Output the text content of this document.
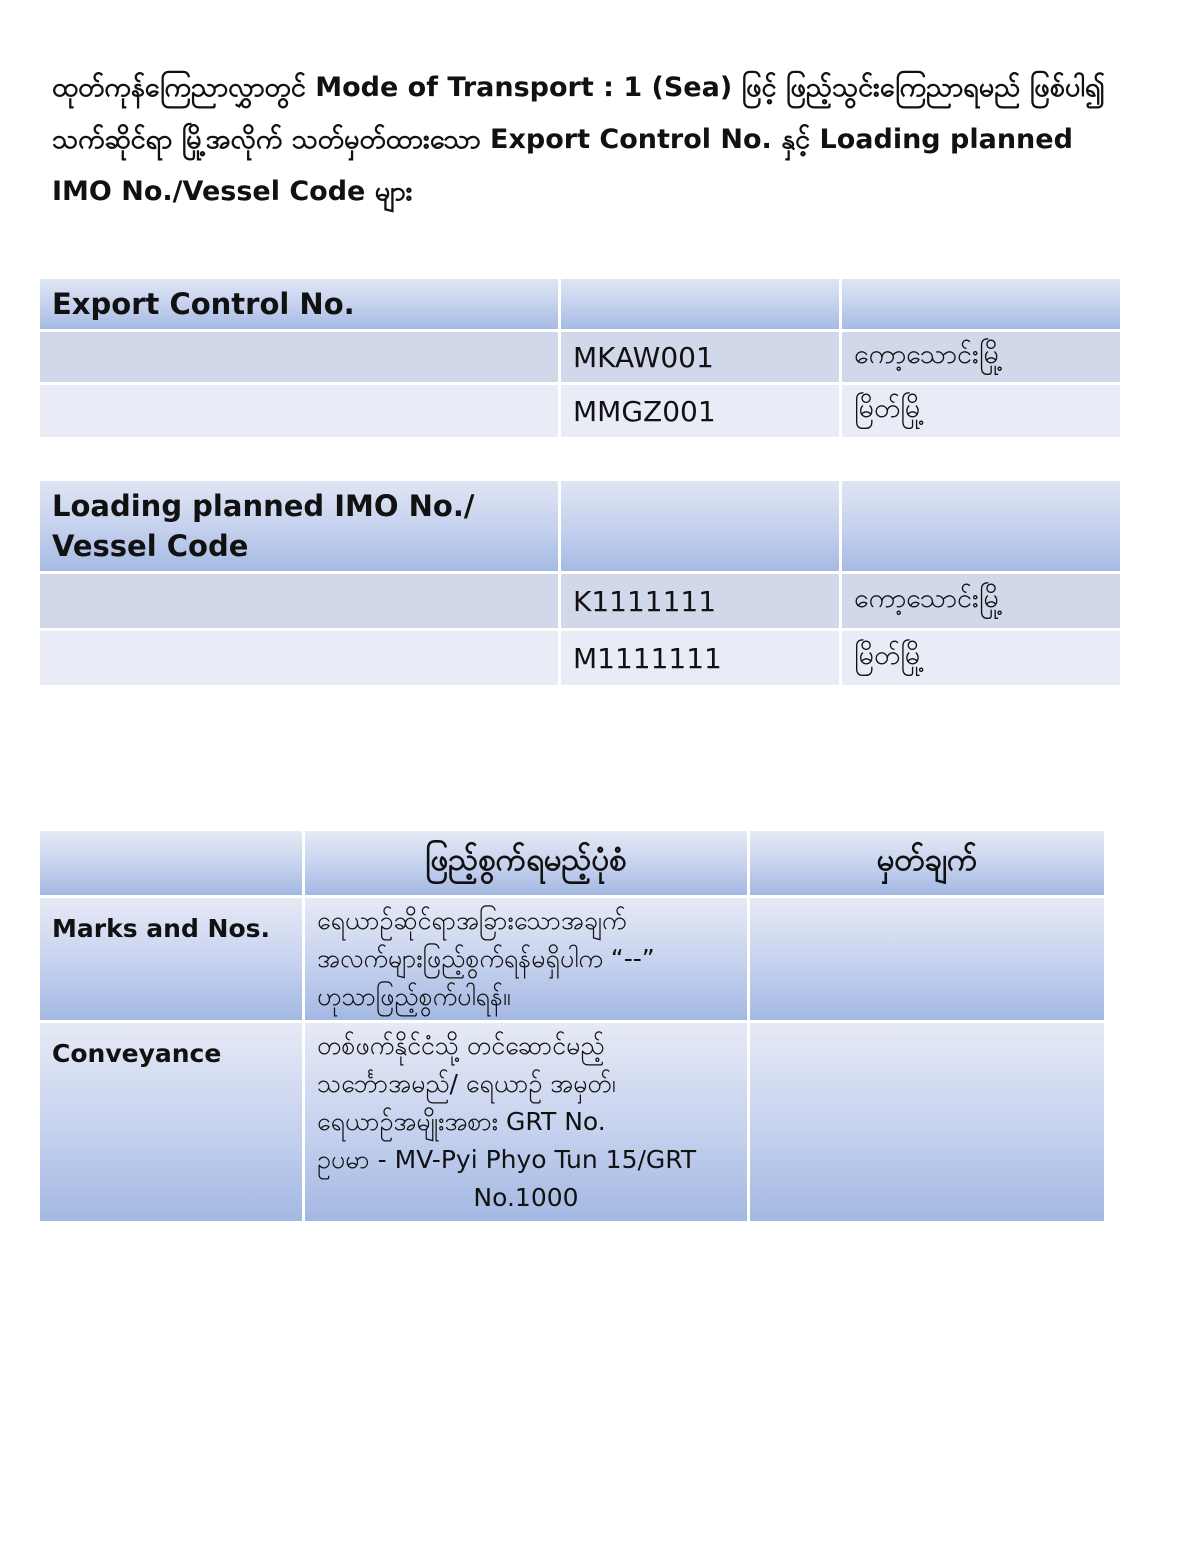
ထုတ်ကုန်ကြေညာလွှာတွင် Mode of Transport : 1 (Sea) ဖြင့် ဖြည့်သွင်းကြေညာရမည် ဖြစ်ပါ၍ သက်ဆိုင်ရာ မြို့အလိုက် သတ်မှတ်ထားသော Export Control No. နှင့် Loading planned IMO No./Vessel Code များ
Export Control No.		
	MKAW001	ကော့သောင်းမြို့
	MMGZ001	မြိတ်မြို့
Loading planned IMO No./
Vessel Code		
	K1111111	ကော့သောင်းမြို့
	M1111111	မြိတ်မြို့
	ဖြည့်စွက်ရမည့်ပုံစံ	မှတ်ချက်
Marks and Nos.	ရေယာဉ်ဆိုင်ရာအခြားသောအချက်
အလက်များဖြည့်စွက်ရန်မရှိပါက “--”
ဟုသာဖြည့်စွက်ပါရန်။	
Conveyance	တစ်ဖက်နိုင်ငံသို့ တင်ဆောင်မည့်
သင်္ဘောအမည်/ ရေယာဉ် အမှတ်၊
ရေယာဉ်အမျိုးအစား GRT No.
ဥပမာ - MV-Pyi Phyo Tun 15/GRT
No.1000	
